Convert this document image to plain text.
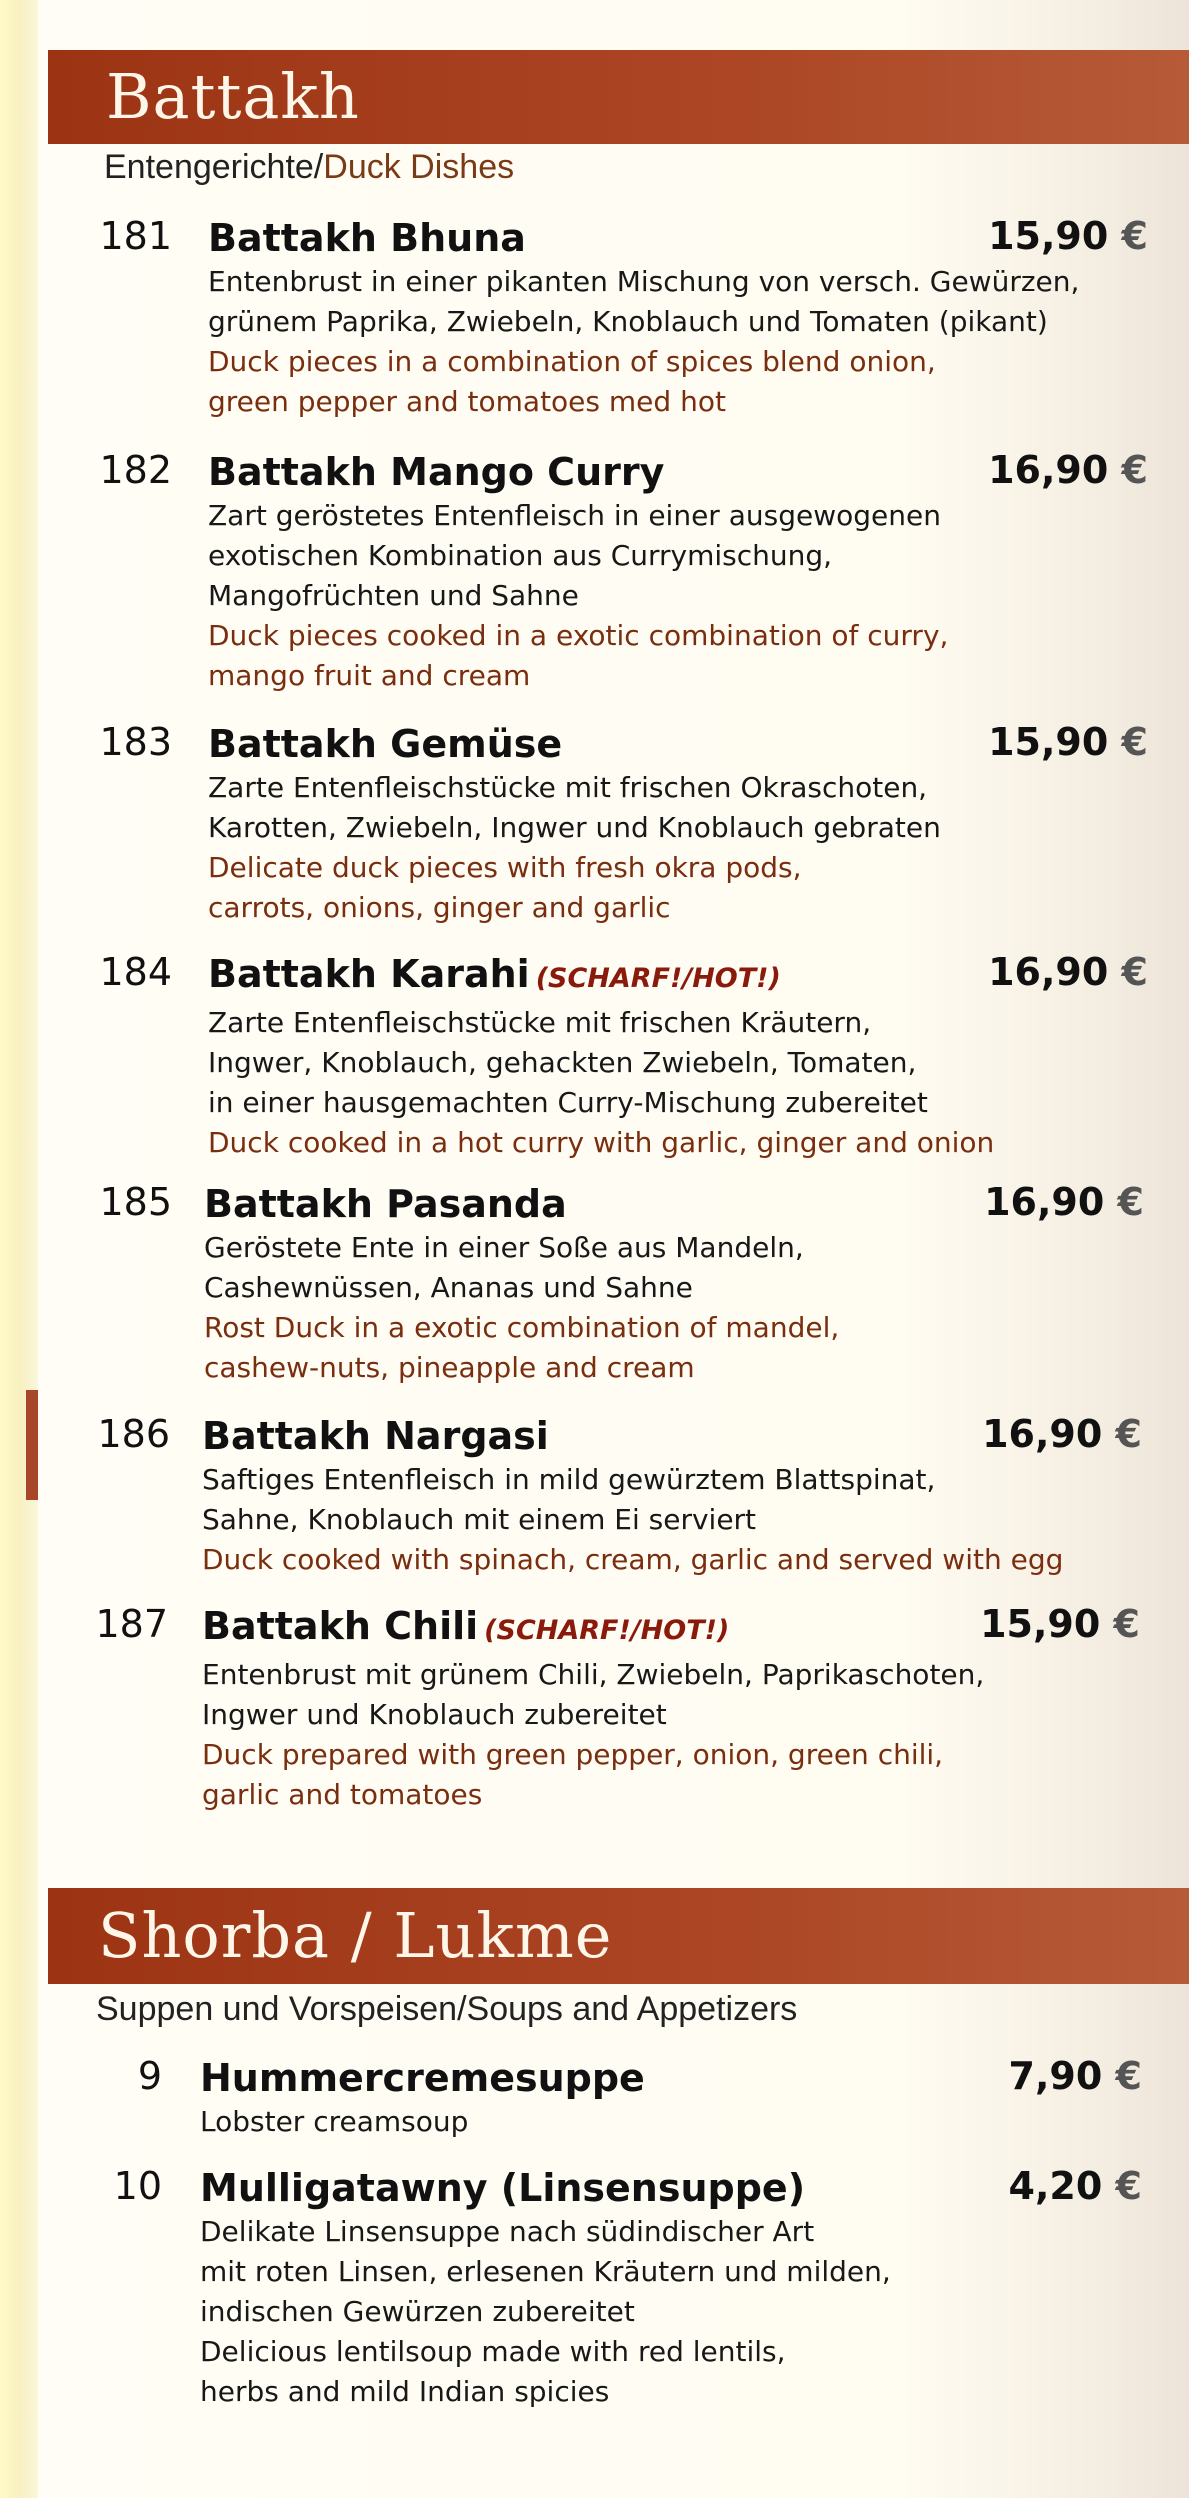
Battakh
Entengerichte/Duck Dishes
181 Battakh Bhuna
Entenbrust in einer pikanten Mischung von versch. Gewürzen,
grünem Paprika, Zwiebeln, Knoblauch und Tomaten (pikant)
Duck pieces in a combination of spices blend onion,
green pepper and tomatoes med hot
15,90 €
182 Battakh Mango Curry
Zart geröstetes Entenfleisch in einer ausgewogenen
exotischen Kombination aus Currymischung,
Mangofrüchten und Sahne
Duck pieces cooked in a exotic combination of curry,
mango fruit and cream
16,90 €
183 Battakh Gemüse
Zarte Entenfleischstücke mit frischen Okraschoten,
Karotten, Zwiebeln, Ingwer und Knoblauch gebraten
Delicate duck pieces with fresh okra pods,
carrots, onions, ginger and garlic
15,90 €
184 Battakh Karahi (SCHARF!/HOT!)
Zarte Entenfleischstücke mit frischen Kräutern,
Ingwer, Knoblauch, gehackten Zwiebeln, Tomaten,
in einer hausgemachten Curry-Mischung zubereitet
Duck cooked in a hot curry with garlic, ginger and onion
16,90 €
185 Battakh Pasanda
Geröstete Ente in einer Soße aus Mandeln,
Cashewnüssen, Ananas und Sahne
Rost Duck in a exotic combination of mandel,
cashew-nuts, pineapple and cream
16,90 €
186 Battakh Nargasi
Saftiges Entenfleisch in mild gewürztem Blattspinat,
Sahne, Knoblauch mit einem Ei serviert
Duck cooked with spinach, cream, garlic and served with egg
16,90 €
187 Battakh Chili (SCHARF!/HOT!)
Entenbrust mit grünem Chili, Zwiebeln, Paprikaschoten,
Ingwer und Knoblauch zubereitet
Duck prepared with green pepper, onion, green chili,
garlic and tomatoes
15,90 €
Shorba / Lukme
Suppen und Vorspeisen/Soups and Appetizers
9 Hummercremesuppe
Lobster creamsoup
7,90 €
10 Mulligatawny (Linsensuppe)
Delikate Linsensuppe nach südindischer Art
mit roten Linsen, erlesenen Kräutern und milden,
indischen Gewürzen zubereitet
Delicious lentilsoup made with red lentils,
herbs and mild Indian spicies
4,20 €
